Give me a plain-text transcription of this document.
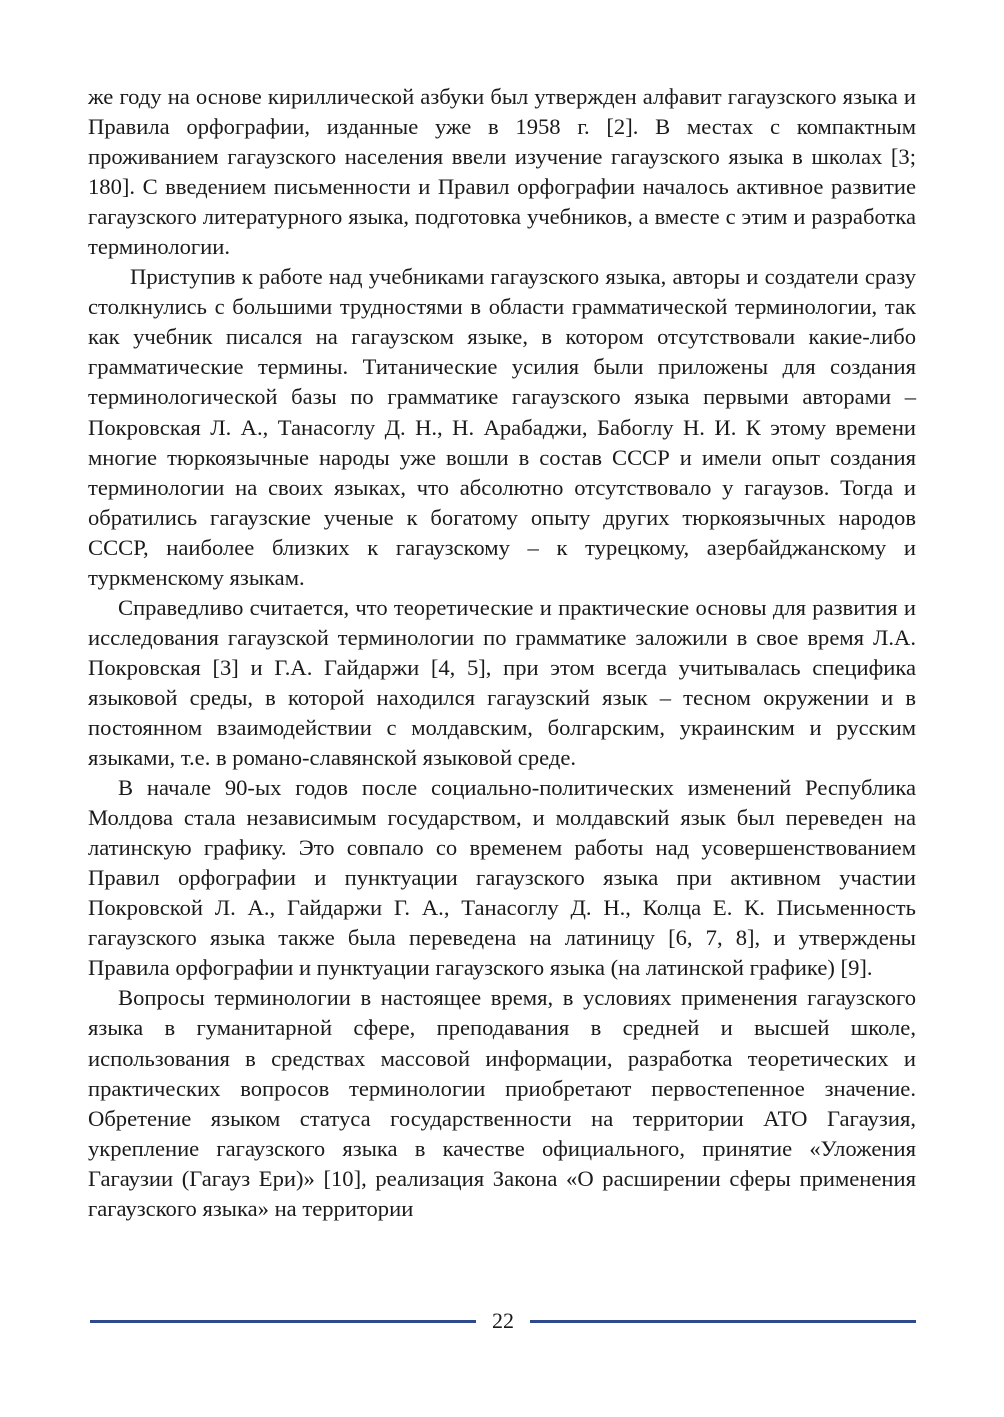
же году на основе кириллической азбуки был утвержден алфавит гагаузского языка и Правила орфографии, изданные уже в 1958 г. [2]. В местах с компактным проживанием гагаузского населения ввели изучение гагаузского языка в школах [3; 180]. С введением письменности и Правил орфографии началось активное развитие гагаузского литературного языка, подготовка учебников, а вместе с этим и разработка терминологии.

Приступив к работе над учебниками гагаузского языка, авторы и создатели сразу столкнулись с большими трудностями в области грамматической терминологии, так как учебник писался на гагаузском языке, в котором отсутствовали какие-либо грамматические термины. Титанические усилия были приложены для создания терминологической базы по грамматике гагаузского языка первыми авторами – Покровская Л. А., Танасоглу Д. Н., Н. Арабаджи, Бабоглу Н. И. К этому времени многие тюркоязычные народы уже вошли в состав СССР и имели опыт создания терминологии на своих языках, что абсолютно отсутствовало у гагаузов. Тогда и обратились гагаузские ученые к богатому опыту других тюркоязычных народов СССР, наиболее близких к гагаузскому – к турецкому, азербайджанскому и туркменскому языкам.

Справедливо считается, что теоретические и практические основы для развития и исследования гагаузской терминологии по грамматике заложили в свое время Л.А. Покровская [3] и Г.А. Гайдаржи [4, 5], при этом всегда учитывалась специфика языковой среды, в которой находился гагаузский язык – тесном окружении и в постоянном взаимодействии с молдавским, болгарским, украинским и русским языками, т.е. в романо-славянской языковой среде.

В начале 90-ых годов после социально-политических изменений Республика Молдова стала независимым государством, и молдавский язык был переведен на латинскую графику. Это совпало со временем работы над усовершенствованием Правил орфографии и пунктуации гагаузского языка при активном участии Покровской Л. А., Гайдаржи Г. А., Танасоглу Д. Н., Колца Е. К. Письменность гагаузского языка также была переведена на латиницу [6, 7, 8], и утверждены Правила орфографии и пунктуации гагаузского языка (на латинской графике) [9].

Вопросы терминологии в настоящее время, в условиях применения гагаузского языка в гуманитарной сфере, преподавания в средней и высшей школе, использования в средствах массовой информации, разработка теоретических и практических вопросов терминологии приобретают первостепенное значение. Обретение языком статуса государственности на территории АТО Гагаузия, укрепление гагаузского языка в качестве официального, принятие «Уложения Гагаузии (Гагауз Ери)» [10], реализация Закона «О расширении сферы применения гагаузского языка» на территории

22
